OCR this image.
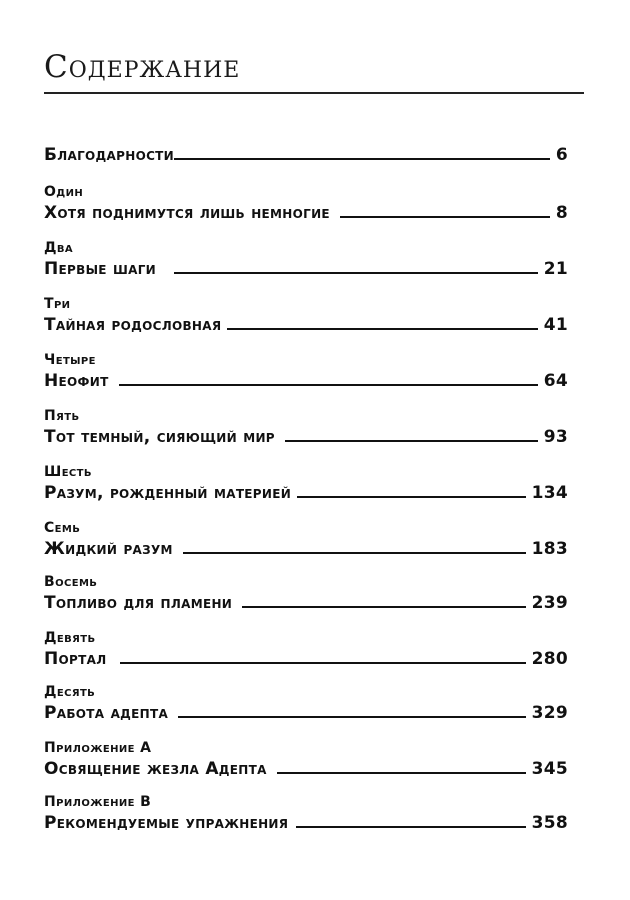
Содержание
Благодарности	6
Один
Хотя поднимутся лишь немногие	8
Два
Первые шаги	21
Три
Тайная родословная	41
Четыре
Неофит	64
Пять
Тот темный, сияющий мир	93
Шесть
Разум, рожденный материей	134
Семь
Жидкий разум	183
Восемь
Топливо для пламени	239
Девять
Портал	280
Десять
Работа адепта	329
Приложение A
Освящение жезла Адепта	345
Приложение B
Рекомендуемые упражнения	358
